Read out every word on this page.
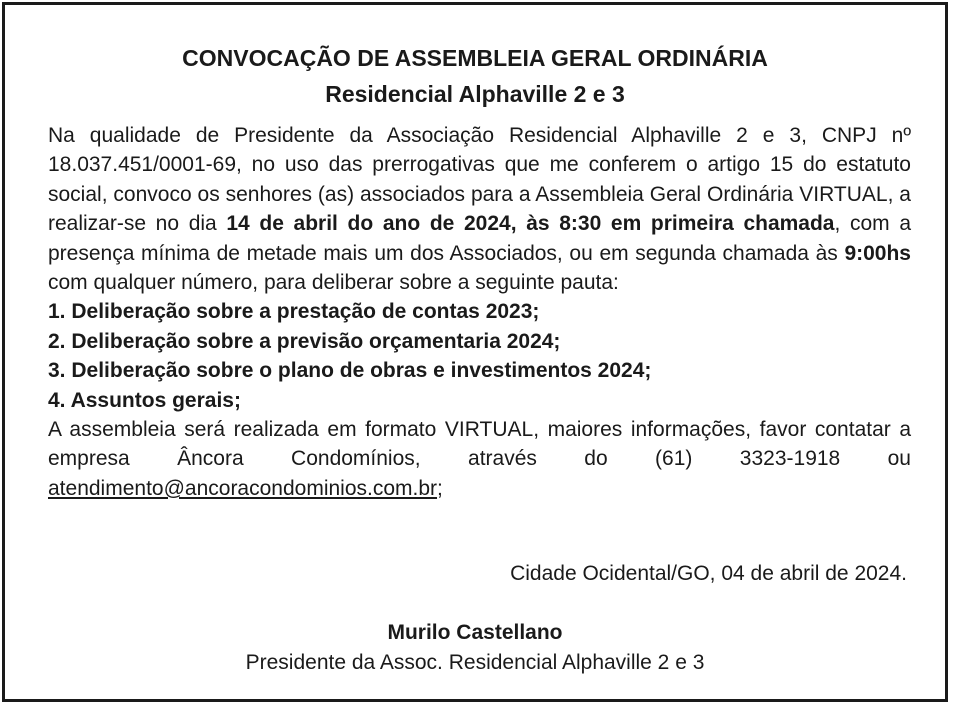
CONVOCAÇÃO DE ASSEMBLEIA GERAL ORDINÁRIA
Residencial Alphaville 2 e 3

Na qualidade de Presidente da Associação Residencial Alphaville 2 e 3, CNPJ nº 18.037.451/0001-69, no uso das prerrogativas que me conferem o artigo 15 do estatuto social, convoco os senhores (as) associados para a Assembleia Geral Ordinária VIRTUAL, a realizar-se no dia 14 de abril do ano de 2024, às 8:30 em primeira chamada, com a presença mínima de metade mais um dos Associados, ou em segunda chamada às 9:00hs com qualquer número, para deliberar sobre a seguinte pauta:

1. Deliberação sobre a prestação de contas 2023;

2. Deliberação sobre a previsão orçamentaria 2024;

3. Deliberação sobre o plano de obras e investimentos 2024;

4. Assuntos gerais;

A assembleia será realizada em formato VIRTUAL, maiores informações, favor contatar a empresa Âncora Condomínios, através do (61) 3323-1918 ou atendimento@ancoracondominios.com.br;

Cidade Ocidental/GO, 04 de abril de 2024.
Murilo Castellano
Presidente da Assoc. Residencial Alphaville 2 e 3
